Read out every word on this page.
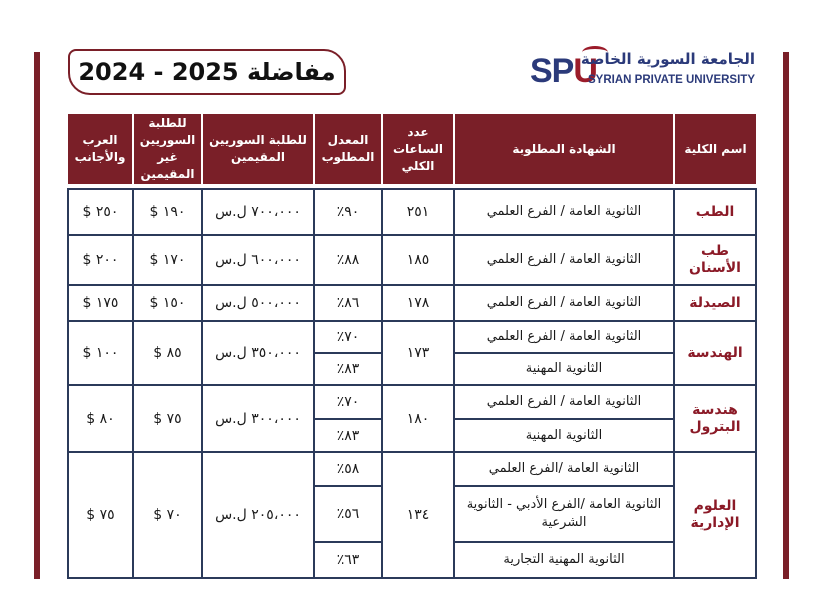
مفاضلة 2025 - 2024	SPU
الجامعة السورية الخاصة
SYRIAN PRIVATE UNIVERSITY
اسم الكلية	الشهادة المطلوبة	عدد الساعات الكلي	المعدل المطلوب	للطلبة السوريين المقيمين	للطلبة السوريين غير المقيمين	العرب والأجانب

الطب	الثانوية العامة / الفرع العلمي	٢٥١	٩٠٪	٧٠٠،٠٠٠ ل.س	١٩٠ $	٢٥٠ $
طب الأسنان	الثانوية العامة / الفرع العلمي	١٨٥	٨٨٪	٦٠٠،٠٠٠ ل.س	١٧٠ $	٢٠٠ $
الصيدلة	الثانوية العامة / الفرع العلمي	١٧٨	٨٦٪	٥٠٠،٠٠٠ ل.س	١٥٠ $	١٧٥ $
الهندسة	الثانوية العامة / الفرع العلمي	١٧٣	٧٠٪	٣٥٠،٠٠٠ ل.س	٨٥ $	١٠٠ $
	الثانوية المهنية		٨٣٪			
هندسة البترول	الثانوية العامة / الفرع العلمي	١٨٠	٧٠٪	٣٠٠،٠٠٠ ل.س	٧٥ $	٨٠ $
	الثانوية المهنية		٨٣٪			
العلوم الإدارية	الثانوية العامة /الفرع العلمي	١٣٤	٥٨٪	٢٠٥،٠٠٠ ل.س	٧٠ $	٧٥ $
	الثانوية العامة /الفرع الأدبي - الثانوية الشرعية		٥٦٪			
	الثانوية المهنية التجارية		٦٣٪			
